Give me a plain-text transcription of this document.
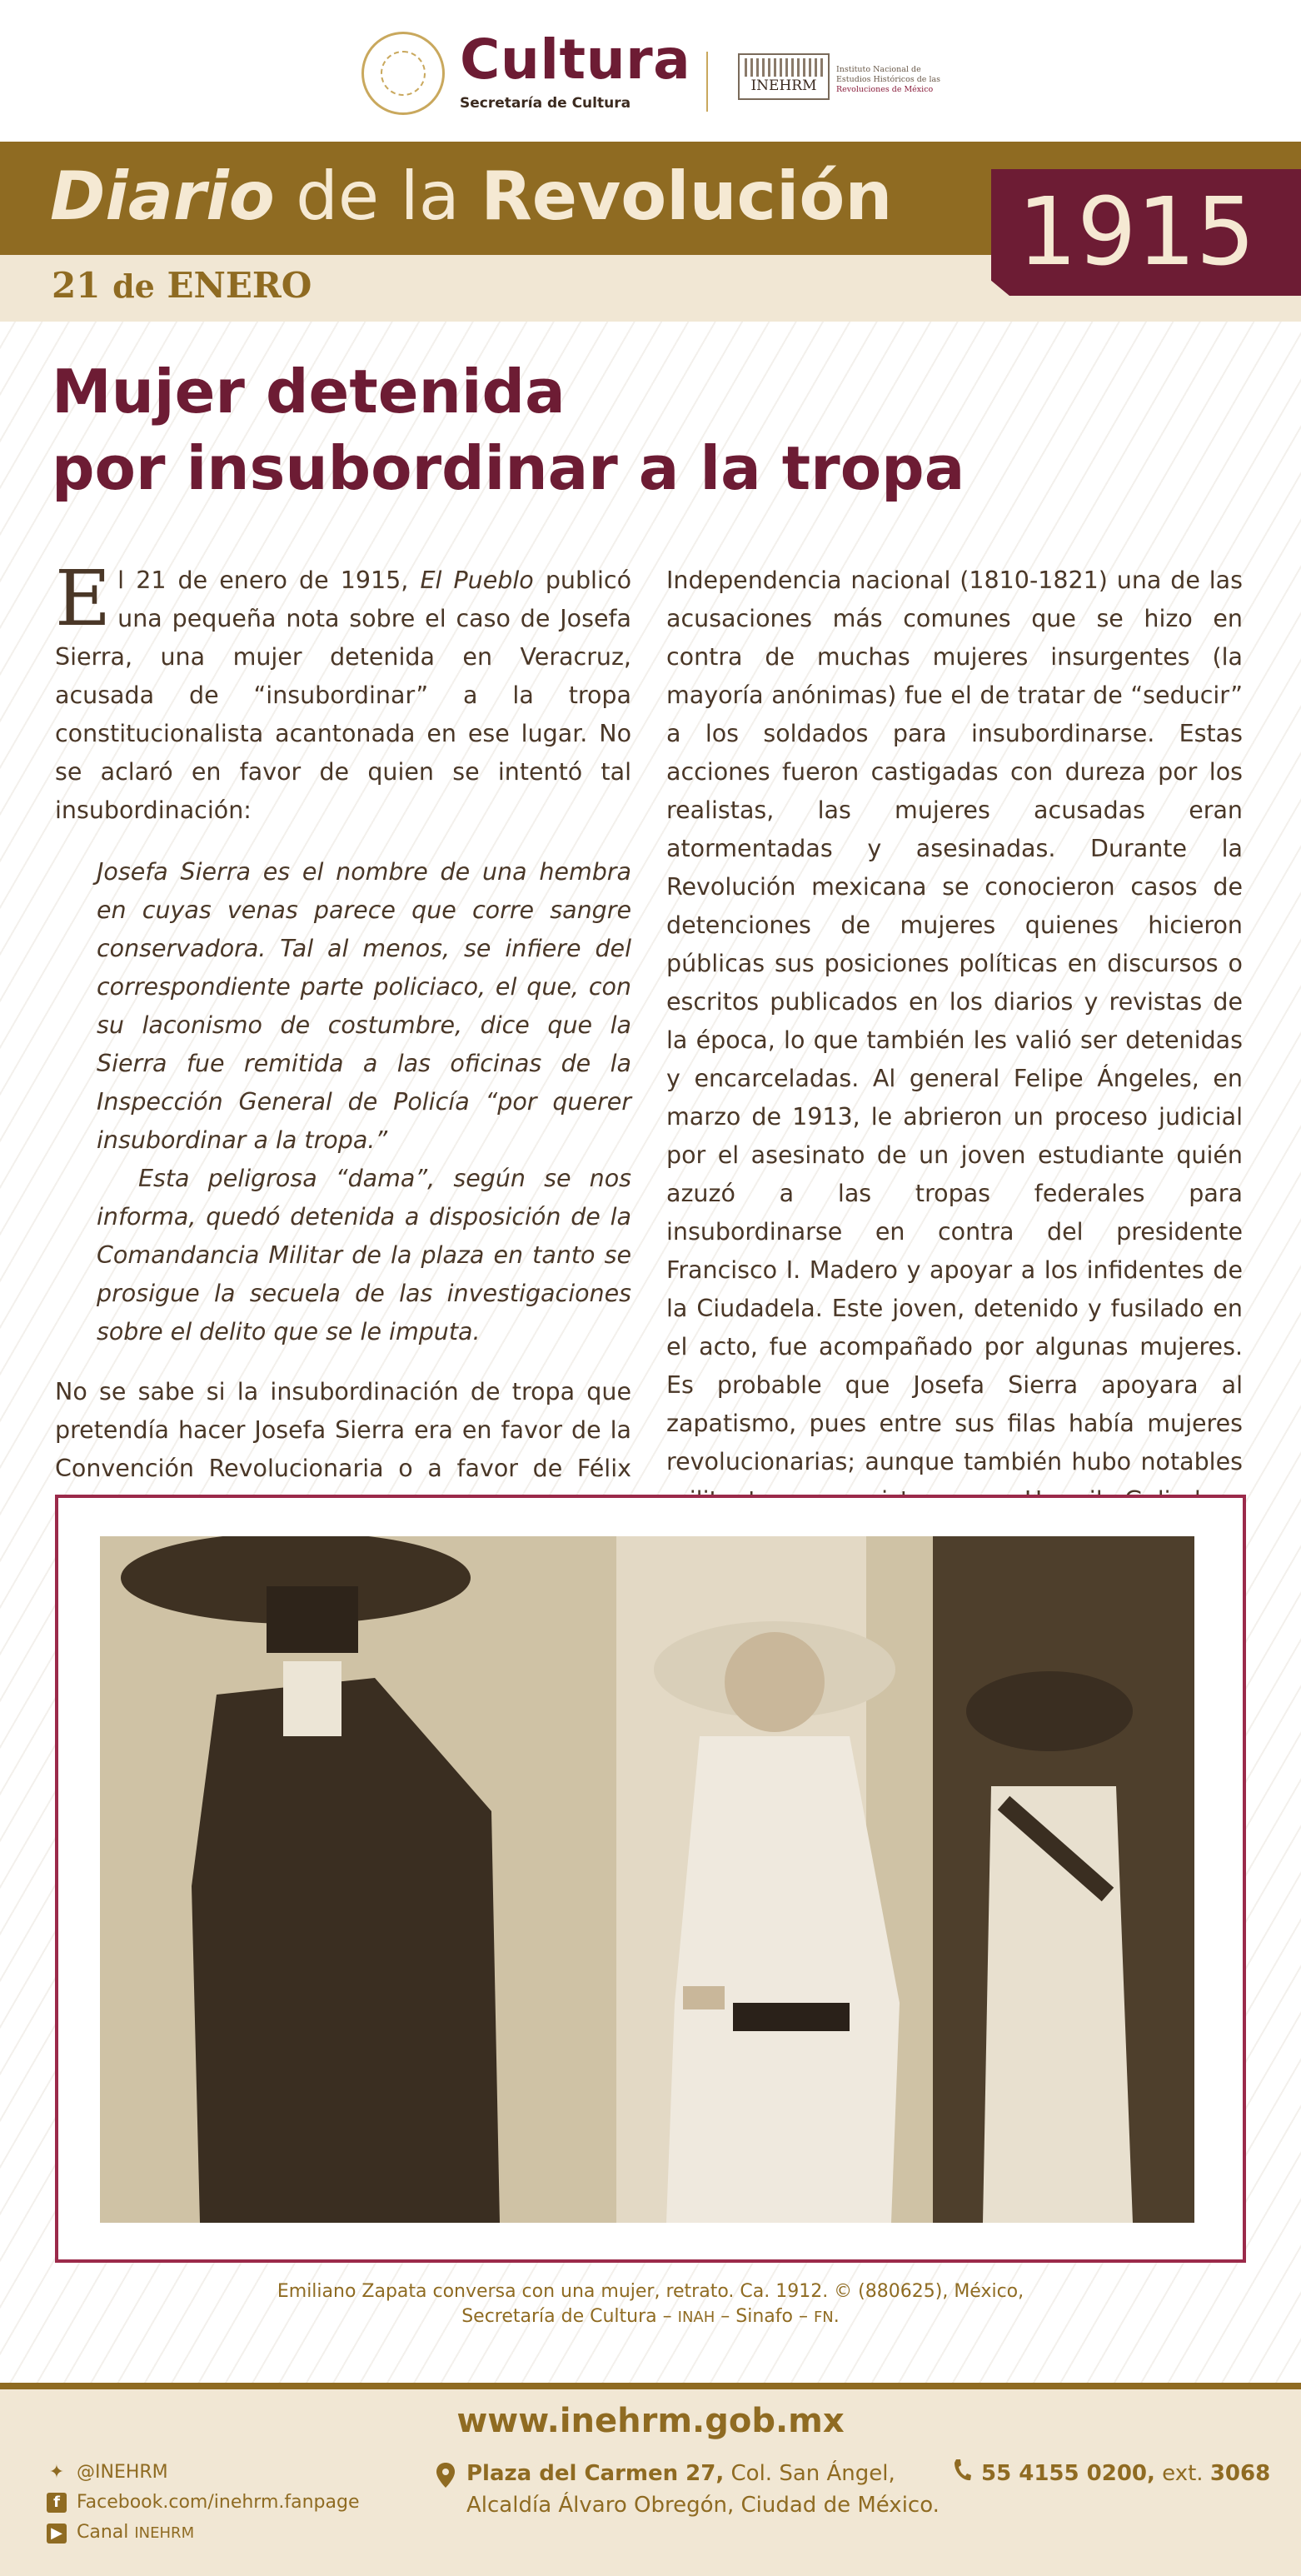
Cultura
Secretaría de Cultura
INEHRM
Instituto Nacional de
Estudios Históricos de las
Revoluciones de México
Diario de la Revolución
21 de ENERO	1915
Mujer detenida
por insubordinar a la tropa

El 21 de enero de 1915, El Pueblo publicó una pequeña nota sobre el caso de Josefa Sierra, una mujer detenida en Veracruz, acusada de “insubordinar” a la tropa constitucionalista acantonada en ese lugar. No se aclaró en favor de quien se intentó tal insubordinación:

Josefa Sierra es el nombre de una hembra en cuyas venas parece que corre sangre conservadora. Tal al menos, se infiere del correspondiente parte policiaco, el que, con su laconismo de costumbre, dice que la Sierra fue remitida a las oficinas de la Inspección General de Policía “por querer insubordinar a la tropa.”
Esta peligrosa “dama”, según se nos informa, quedó detenida a disposición de la Comandancia Militar de la plaza en tanto se prosigue la secuela de las investigaciones sobre el delito que se le imputa.

No se sabe si la insubordinación de tropa que pretendía hacer Josefa Sierra era en favor de la Convención Revolucionaria o a favor de Félix

Independencia nacional (1810-1821) una de las acusaciones más comunes que se hizo en contra de muchas mujeres insurgentes (la mayoría anónimas) fue el de tratar de “seducir” a los soldados para insubordinarse. Estas acciones fueron castigadas con dureza por los realistas, las mujeres acusadas eran atormentadas y asesinadas. Durante la Revolución mexicana se conocieron casos de detenciones de mujeres quienes hicieron públicas sus posiciones políticas en discursos o escritos publicados en los diarios y revistas de la época, lo que también les valió ser detenidas y encarceladas. Al general Felipe Ángeles, en marzo de 1913, le abrieron un proceso judicial por el asesinato de un joven estudiante quién azuzó a las tropas federales para insubordinarse en contra del presidente Francisco I. Madero y apoyar a los infidentes de la Ciudadela. Este joven, detenido y fusilado en el acto, fue acompañado por algunas mujeres. Es probable que Josefa Sierra apoyara al zapatismo, pues entre sus filas había mujeres revolucionarias; aunque también hubo notables

Emiliano Zapata conversa con una mujer, retrato. Ca. 1912. © (880625), México,
Secretaría de Cultura – INAH – Sinafo – FN.
www.inehrm.gob.mx
✦ @INEHRM
f Facebook.com/inehrm.fanpage
▶ Canal INEHRM
Plaza del Carmen 27, Col. San Ángel,
Alcaldía Álvaro Obregón, Ciudad de México.
55 4155 0200, ext. 3068
